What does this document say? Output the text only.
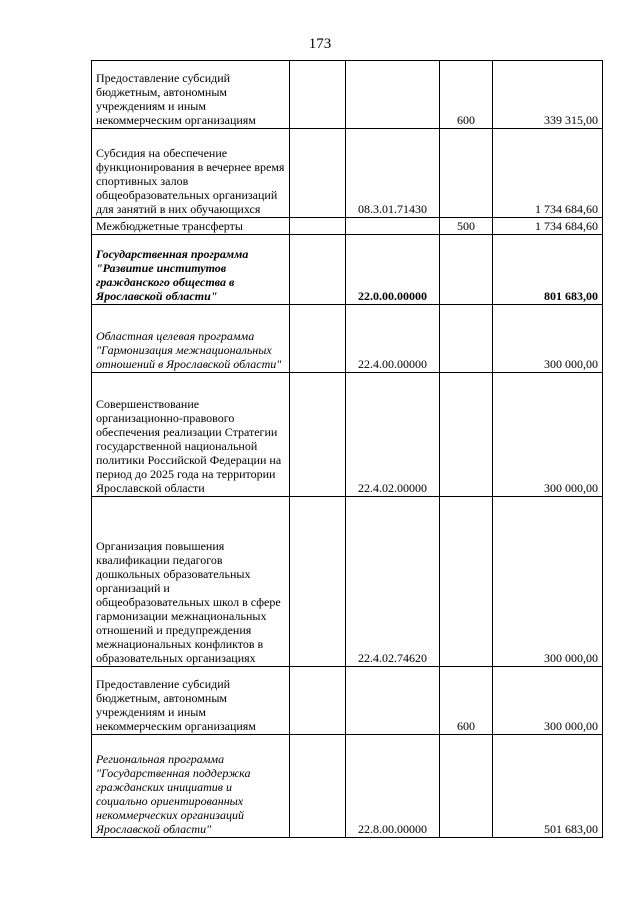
173
Предоставление субсидий бюджетным, автономным учреждениям и иным некоммерческим организациям			600	339 315,00
Субсидия на обеспечение функционирования в вечернее время спортивных залов общеобразовательных организаций для занятий в них обучающихся		08.3.01.71430		1 734 684,60
Межбюджетные трансферты			500	1 734 684,60
Государственная программа "Развитие институтов гражданского общества в Ярославской области"		22.0.00.00000		801 683,00
Областная целевая программа "Гармонизация межнациональных отношений в Ярославской области"		22.4.00.00000		300 000,00
Совершенствование организационно-правового обеспечения реализации Стратегии государственной национальной политики Российской Федерации на период до 2025 года на территории Ярославской области		22.4.02.00000		300 000,00
Организация повышения квалификации педагогов дошкольных образовательных организаций и общеобразовательных школ в сфере гармонизации межнациональных отношений и предупреждения межнациональных конфликтов в образовательных организациях		22.4.02.74620		300 000,00
Предоставление субсидий бюджетным, автономным учреждениям и иным некоммерческим организациям			600	300 000,00
Региональная программа "Государственная поддержка гражданских инициатив и социально ориентированных некоммерческих организаций Ярославской области"		22.8.00.00000		501 683,00
